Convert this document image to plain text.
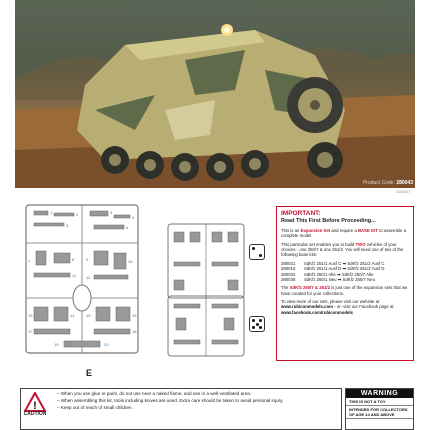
Product Code: 280043
10/4017
1	2	3
4
5	6
7	8	9	10
11 12
13	14	15	16
17	18
19	20
E
IMPORTANT:
Read This First Before Proceeding...

This is an Expansion Set and require a BASE KIT to assemble a complete model.

This particular set enables you to build TWO vehicles of your choices - one 250/7 & one 251/2. You will need one of two of the following base kits:

280031	SdKfz 251/1 Ausf C ➡ SdKfz 251/2 Ausf C
280016	SdKfz 251/1 Ausf D ➡ SdKfz 251/2 Ausf D
280032	SdKfz 250/1 Alte ➡ SdKfz 250/7 Alte
280038	SdKfz 250/1 Neu ➡ SdKfz 250/7 Neu

The SdKfz 250/7 & 251/2 is just one of the expansion sets that we have created for your collections.

To view more of our sets, please visit our website at www.rubiconmodels.com - or- visit our Facebook page at www.facebook.com/rubiconmodels

!
CAUTION
– When you use glue or paint, do not use near a naked flame, and use in a well-ventilated area.
– When assembling this kit, tools including knives are used. Extra care should be taken to avoid personal injury.
– Keep out of reach of small children.
WARNING
THIS IS NOT A TOY
INTENDED FOR COLLECTORS OF AGE 14 AND ABOVE
